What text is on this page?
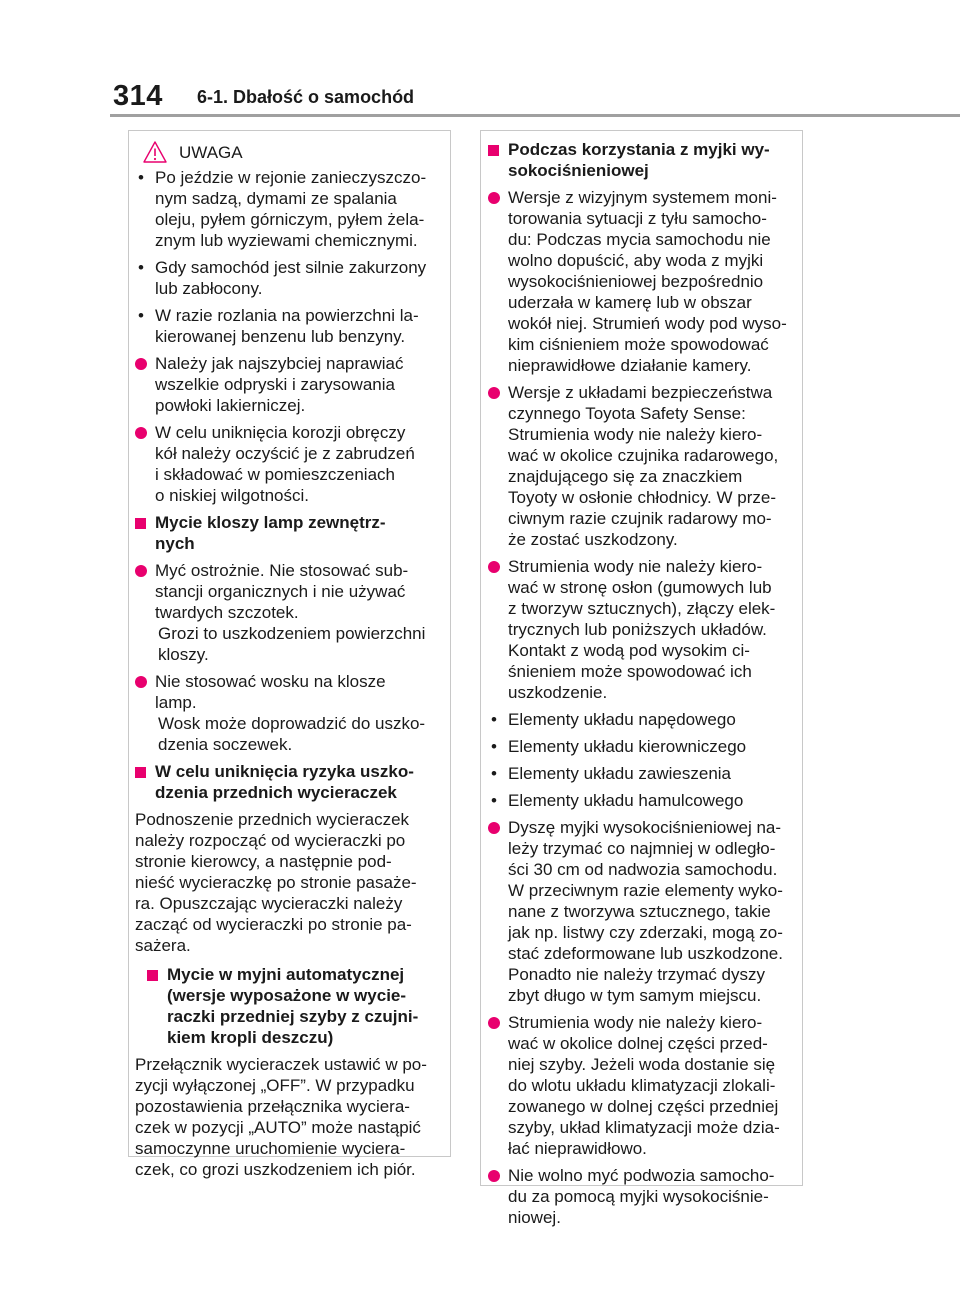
314 6-1. Dbałość o samochód
UWAGA
• Po jeździe w rejonie zanieczyszczo-
nym sadzą, dymami ze spalania
oleju, pyłem górniczym, pyłem żela-
znym lub wyziewami chemicznymi.
• Gdy samochód jest silnie zakurzony
lub zabłocony.
• W razie rozlania na powierzchni la-
kierowanej benzenu lub benzyny.
Należy jak najszybciej naprawiać
wszelkie odpryski i zarysowania
powłoki lakierniczej.
W celu uniknięcia korozji obręczy
kół należy oczyścić je z zabrudzeń
i składować w pomieszczeniach
o niskiej wilgotności.
Mycie kloszy lamp zewnętrz-
nych
Myć ostrożnie. Nie stosować sub-
stancji organicznych i nie używać
twardych szczotek.
Grozi to uszkodzeniem powierzchni
kloszy.
Nie stosować wosku na klosze
lamp.
Wosk może doprowadzić do uszko-
dzenia soczewek.
W celu uniknięcia ryzyka uszko-
dzenia przednich wycieraczek
Podnoszenie przednich wycieraczek
należy rozpocząć od wycieraczki po
stronie kierowcy, a następnie pod-
nieść wycieraczkę po stronie pasaże-
ra. Opuszczając wycieraczki należy
zacząć od wycieraczki po stronie pa-
sażera.
Mycie w myjni automatycznej
(wersje wyposażone w wycie-
raczki przedniej szyby z czujni-
kiem kropli deszczu)
Przełącznik wycieraczek ustawić w po-
zycji wyłączonej „OFF”. W przypadku
pozostawienia przełącznika wyciera-
czek w pozycji „AUTO” może nastąpić
samoczynne uruchomienie wyciera-
czek, co grozi uszkodzeniem ich piór.
Podczas korzystania z myjki wy-
sokociśnieniowej
Wersje z wizyjnym systemem moni-
torowania sytuacji z tyłu samocho-
du: Podczas mycia samochodu nie
wolno dopuścić, aby woda z myjki
wysokociśnieniowej bezpośrednio
uderzała w kamerę lub w obszar
wokół niej. Strumień wody pod wyso-
kim ciśnieniem może spowodować
nieprawidłowe działanie kamery.
Wersje z układami bezpieczeństwa
czynnego Toyota Safety Sense:
Strumienia wody nie należy kiero-
wać w okolice czujnika radarowego,
znajdującego się za znaczkiem
Toyoty w osłonie chłodnicy. W prze-
ciwnym razie czujnik radarowy mo-
że zostać uszkodzony.
Strumienia wody nie należy kiero-
wać w stronę osłon (gumowych lub
z tworzyw sztucznych), złączy elek-
trycznych lub poniższych układów.
Kontakt z wodą pod wysokim ci-
śnieniem może spowodować ich
uszkodzenie.
• Elementy układu napędowego
• Elementy układu kierowniczego
• Elementy układu zawieszenia
• Elementy układu hamulcowego
Dyszę myjki wysokociśnieniowej na-
leży trzymać co najmniej w odległo-
ści 30 cm od nadwozia samochodu.
W przeciwnym razie elementy wyko-
nane z tworzywa sztucznego, takie
jak np. listwy czy zderzaki, mogą zo-
stać zdeformowane lub uszkodzone.
Ponadto nie należy trzymać dyszy
zbyt długo w tym samym miejscu.
Strumienia wody nie należy kiero-
wać w okolice dolnej części przed-
niej szyby. Jeżeli woda dostanie się
do wlotu układu klimatyzacji zlokali-
zowanego w dolnej części przedniej
szyby, układ klimatyzacji może dzia-
łać nieprawidłowo.
Nie wolno myć podwozia samocho-
du za pomocą myjki wysokociśnie-
niowej.
